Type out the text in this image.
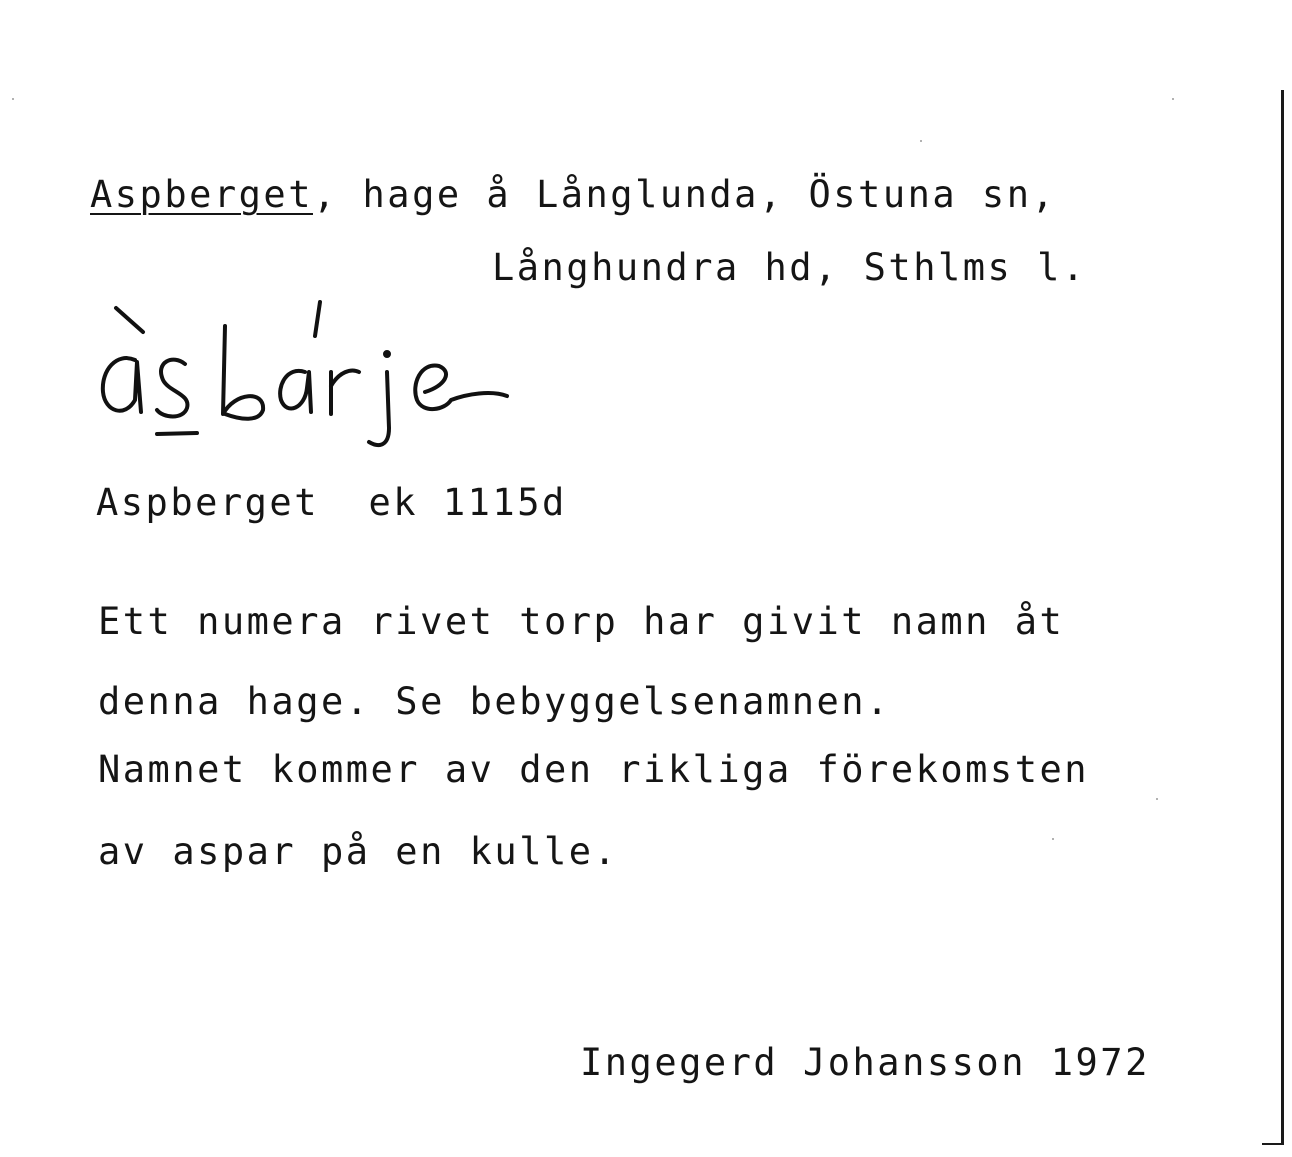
Aspberget, hage å Långlunda, Östuna sn,
Långhundra hd, Sthlms l.
Aspberget  ek 1115d
Ett numera rivet torp har givit namn åt
denna hage. Se bebyggelsenamnen.
Namnet kommer av den rikliga förekomsten
av aspar på en kulle.
Ingegerd Johansson 1972
